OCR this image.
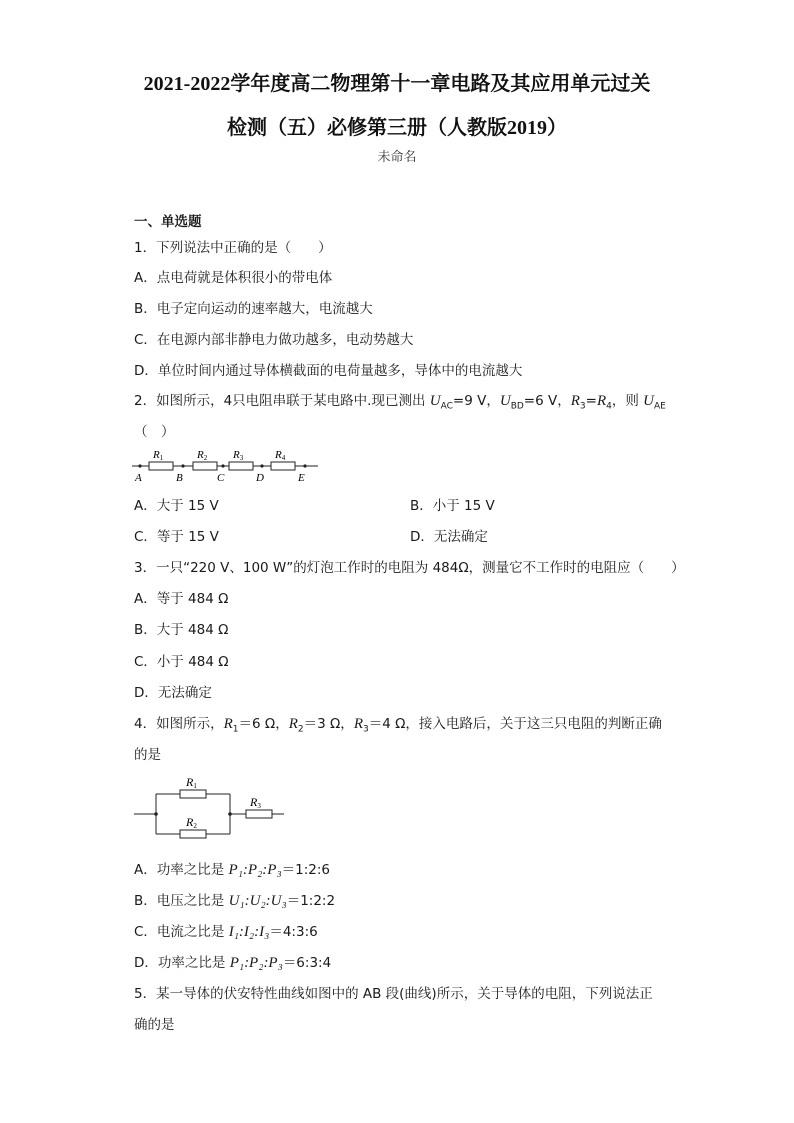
2021-2022学年度高二物理第十一章电路及其应用单元过关
检测（五）必修第三册（人教版2019）
未命名
一、单选题
1．下列说法中正确的是（　　）
A．点电荷就是体积很小的带电体
B．电子定向运动的速率越大，电流越大
C．在电源内部非静电力做功越多，电动势越大
D．单位时间内通过导体横截面的电荷量越多，导体中的电流越大
2．如图所示，4只电阻串联于某电路中.现已测出 $U_{AC}=9$ V，$U_{BD}=6$ V，$R_3=R_4$，则 $U_{AE}$
（　）
R1	R2 R3	R4
A	B	C	D	E
A．大于 15 V	B．小于 15 V
C．等于 15 V	D．无法确定
3．一只“220 V、100 W”的灯泡工作时的电阻为 484Ω，测量它不工作时的电阻应（　　）
A．等于 484 Ω
B．大于 484 Ω
C．小于 484 Ω
D．无法确定
4．如图所示，$R_1=6$ Ω，$R_2=3$ Ω，$R_3=4$ Ω，接入电路后，关于这三只电阻的判断正确
的是
R1
R2
R3
A．功率之比是 P₁:P₂:P₃＝1:2:6
B．电压之比是 U₁:U₂:U₃＝1:2:2
C．电流之比是 I₁:I₂:I₃＝4:3:6
D．功率之比是 P₁:P₂:P₃＝6:3:4
5．某一导体的伏安特性曲线如图中的 AB 段(曲线)所示，关于导体的电阻，下列说法正
确的是
